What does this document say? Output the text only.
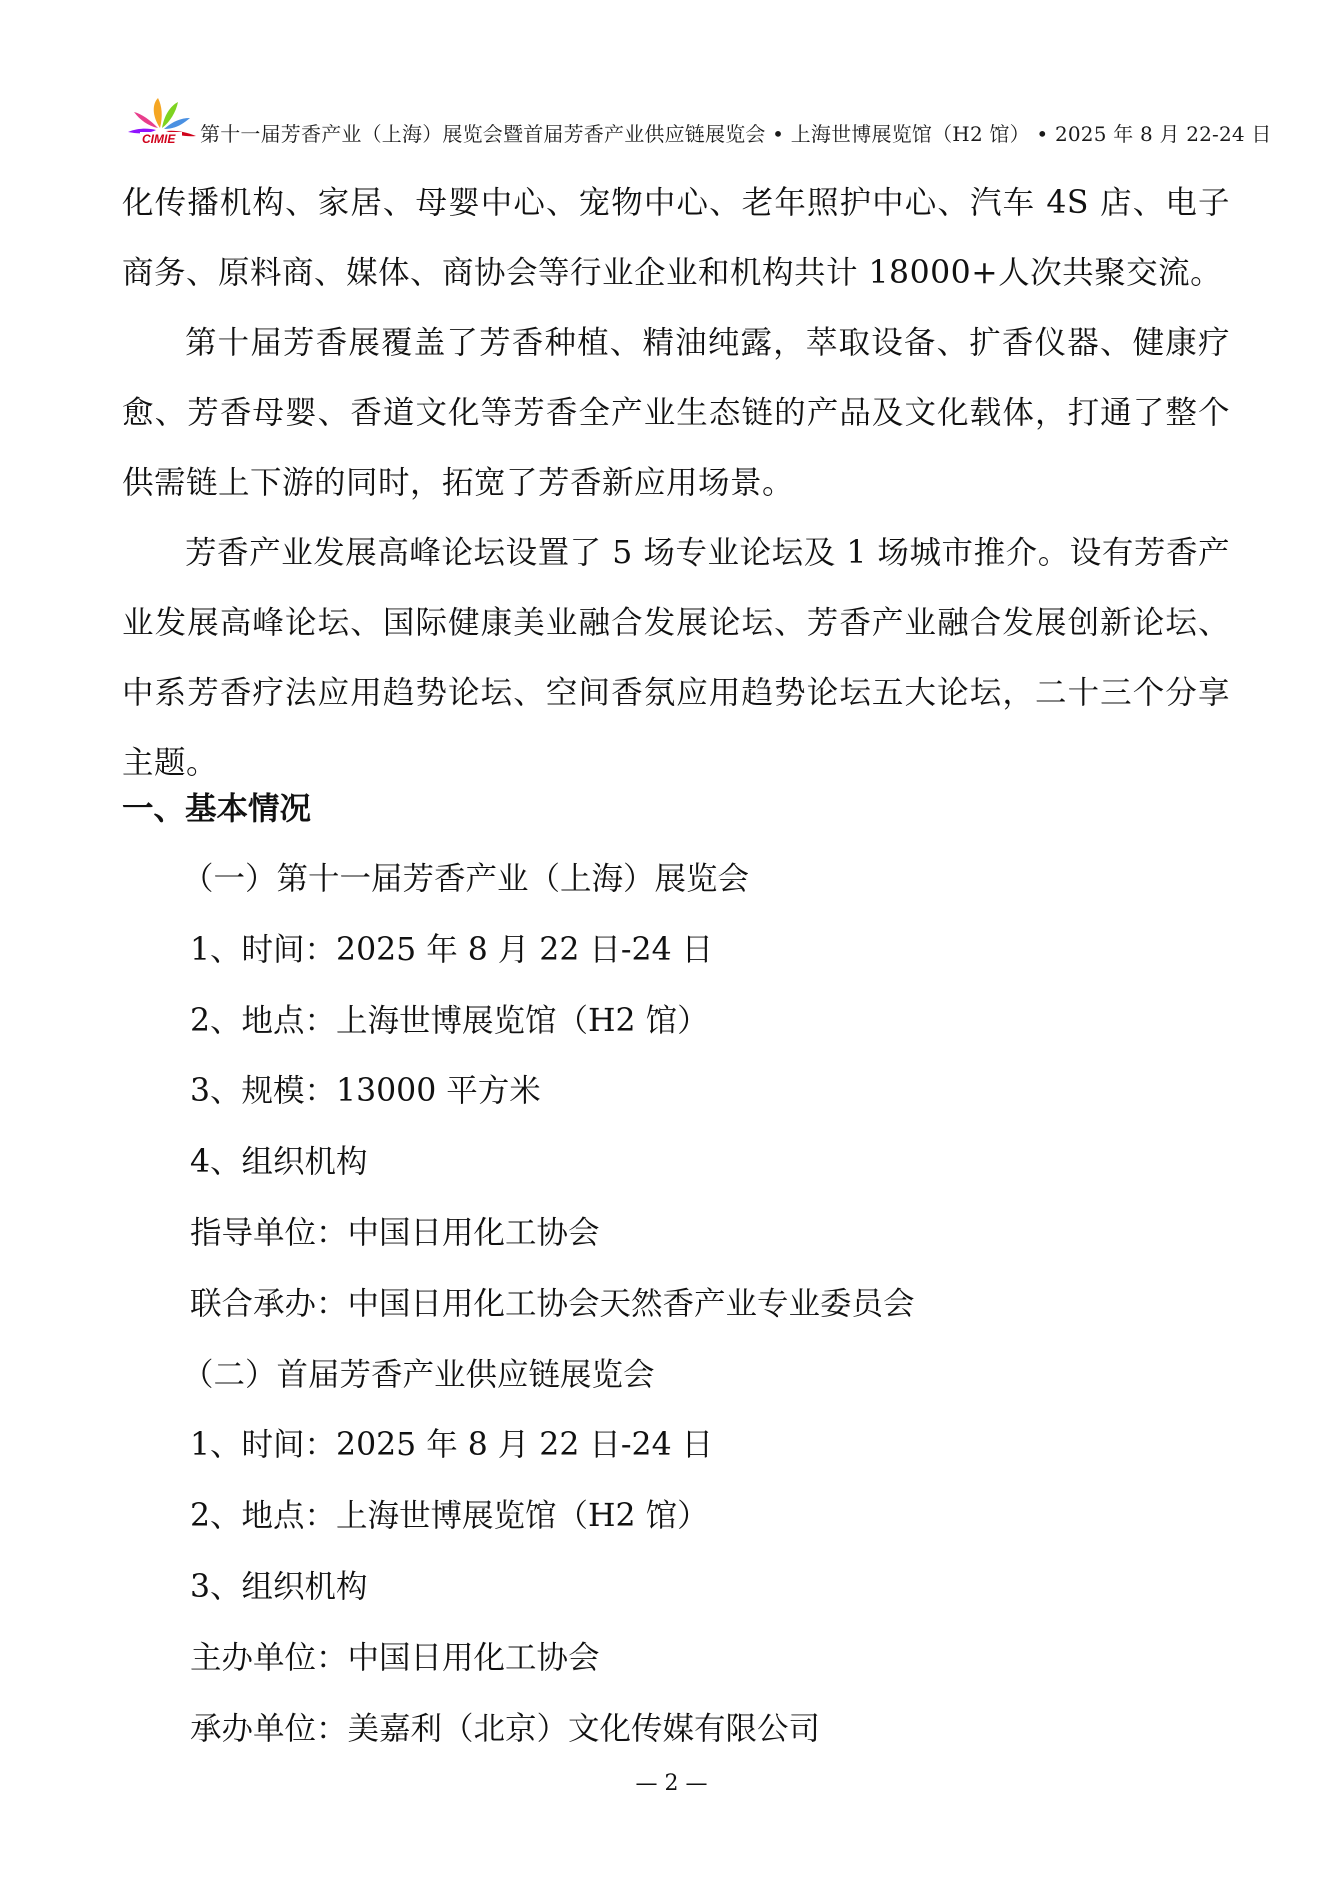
CIMIE 第十一届芳香产业（上海）展览会暨首届芳香产业供应链展览会 • 上海世博展览馆（H2 馆） • 2025 年 8 月 22-24 日

化传播机构、家居、母婴中心、宠物中心、老年照护中心、汽车 4S 店、电子商务、原料商、媒体、商协会等行业企业和机构共计 18000+人次共聚交流。

第十届芳香展覆盖了芳香种植、精油纯露，萃取设备、扩香仪器、健康疗愈、芳香母婴、香道文化等芳香全产业生态链的产品及文化载体，打通了整个供需链上下游的同时，拓宽了芳香新应用场景。

芳香产业发展高峰论坛设置了 5 场专业论坛及 1 场城市推介。设有芳香产业发展高峰论坛、国际健康美业融合发展论坛、芳香产业融合发展创新论坛、中系芳香疗法应用趋势论坛、空间香氛应用趋势论坛五大论坛，二十三个分享主题。

一、基本情况
（一）第十一届芳香产业（上海）展览会
1、时间：2025 年 8 月 22 日-24 日
2、地点：上海世博展览馆（H2 馆）
3、规模：13000 平方米
4、组织机构
指导单位：中国日用化工协会
联合承办：中国日用化工协会天然香产业专业委员会
（二）首届芳香产业供应链展览会
1、时间：2025 年 8 月 22 日-24 日
2、地点：上海世博展览馆（H2 馆）
3、组织机构
主办单位：中国日用化工协会
承办单位：美嘉利（北京）文化传媒有限公司
— 2 —
